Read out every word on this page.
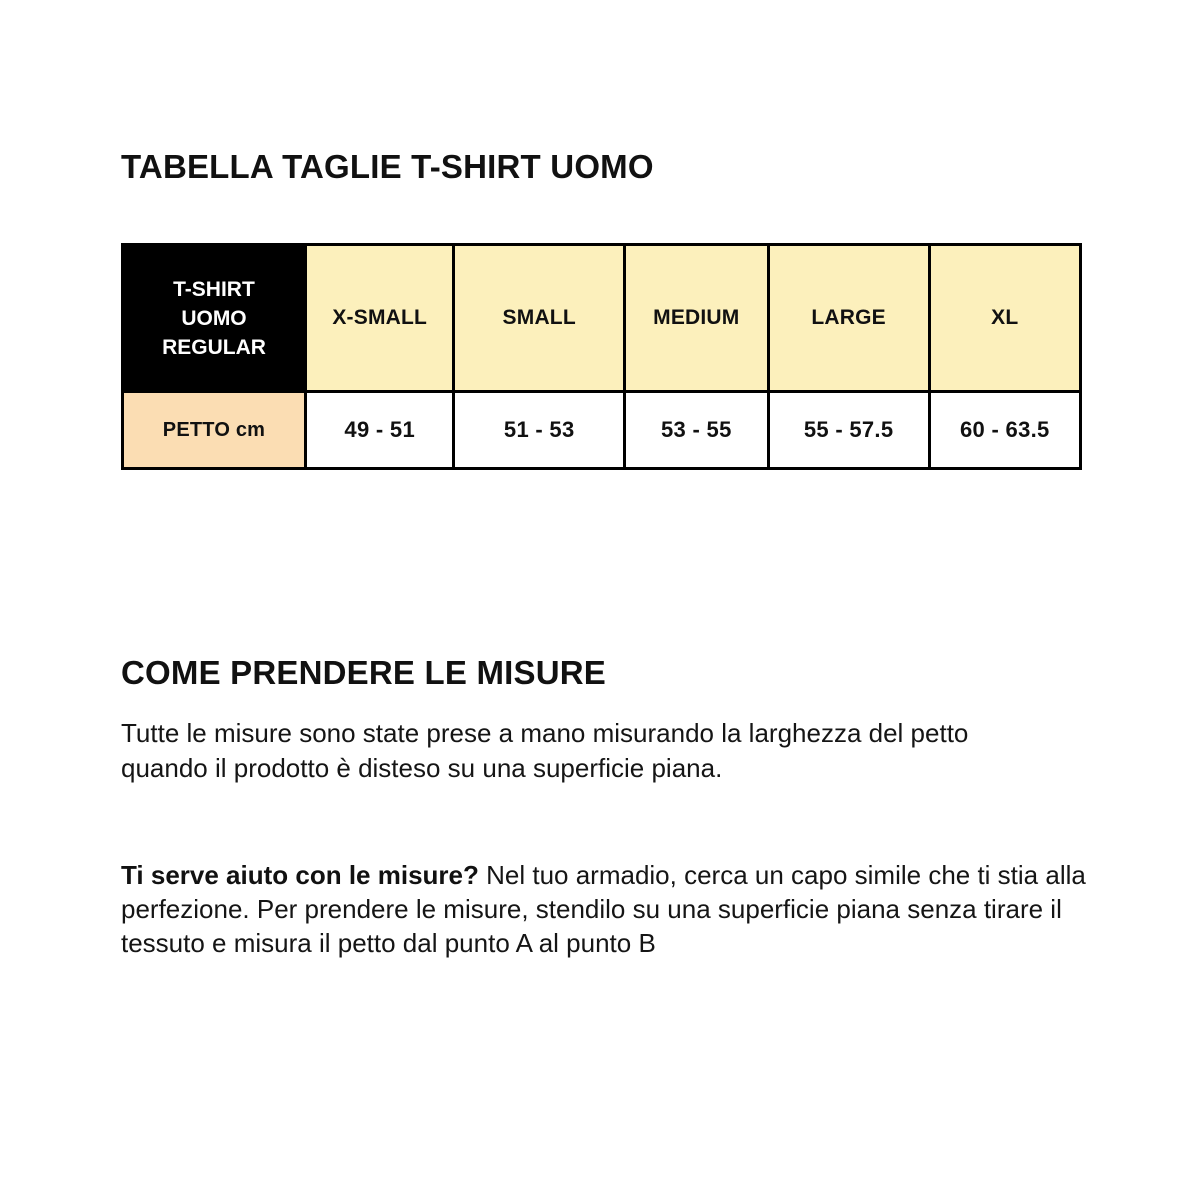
TABELLA TAGLIE T-SHIRT UOMO
T-SHIRT UOMO REGULAR	X-SMALL	SMALL	MEDIUM	LARGE	XL
PETTO cm	49 - 51	51 - 53	53 - 55	55 - 57.5	60 - 63.5
COME PRENDERE LE MISURE

Tutte le misure sono state prese a mano misurando la larghezza del petto quando il prodotto è disteso su una superficie piana.

Ti serve aiuto con le misure? Nel tuo armadio, cerca un capo simile che ti stia alla perfezione. Per prendere le misure, stendilo su una superficie piana senza tirare il tessuto e misura il petto dal punto A al punto B
